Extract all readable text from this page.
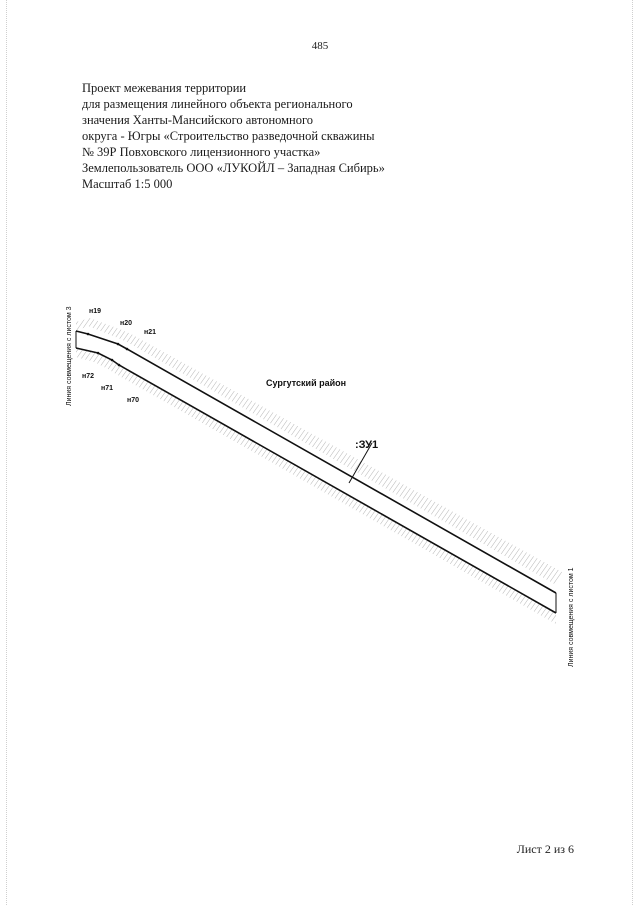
485
Проект межевания территории
для размещения линейного объекта регионального
значения Ханты-Мансийского автономного
округа - Югры «Строительство разведочной скважины
№ 39Р Повховского лицензионного участка»
Землепользователь ООО «ЛУКОЙЛ – Западная Сибирь»
Масштаб 1:5 000
н19
н20
н21
н72
н71
н70
Сургутский район
:ЗУ1
Линия совмещения с листом 3
Линия совмещения с листом 1
Лист 2 из 6
